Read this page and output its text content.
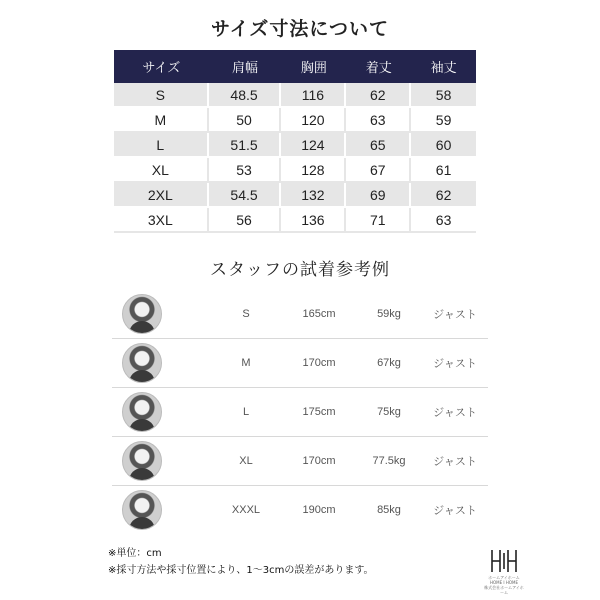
サイズ寸法について
サイズ	肩幅	胸囲	着丈	袖丈
S	48.5	116	62	58
M	50	120	63	59
L	51.5	124	65	60
XL	53	128	67	61
2XL	54.5	132	69	62
3XL	56	136	71	63
スタッフの試着参考例
S	165cm	59kg	ジャスト
M	170cm	67kg	ジャスト
L	175cm	75kg	ジャスト
XL	170cm	77.5kg	ジャスト
XXXL	190cm	85kg	ジャスト
※単位：cm
※採寸方法や採寸位置により、1～3cmの誤差があります。
ホームアイホーム
HOME I HOME
株式会社ホームアイホーム
